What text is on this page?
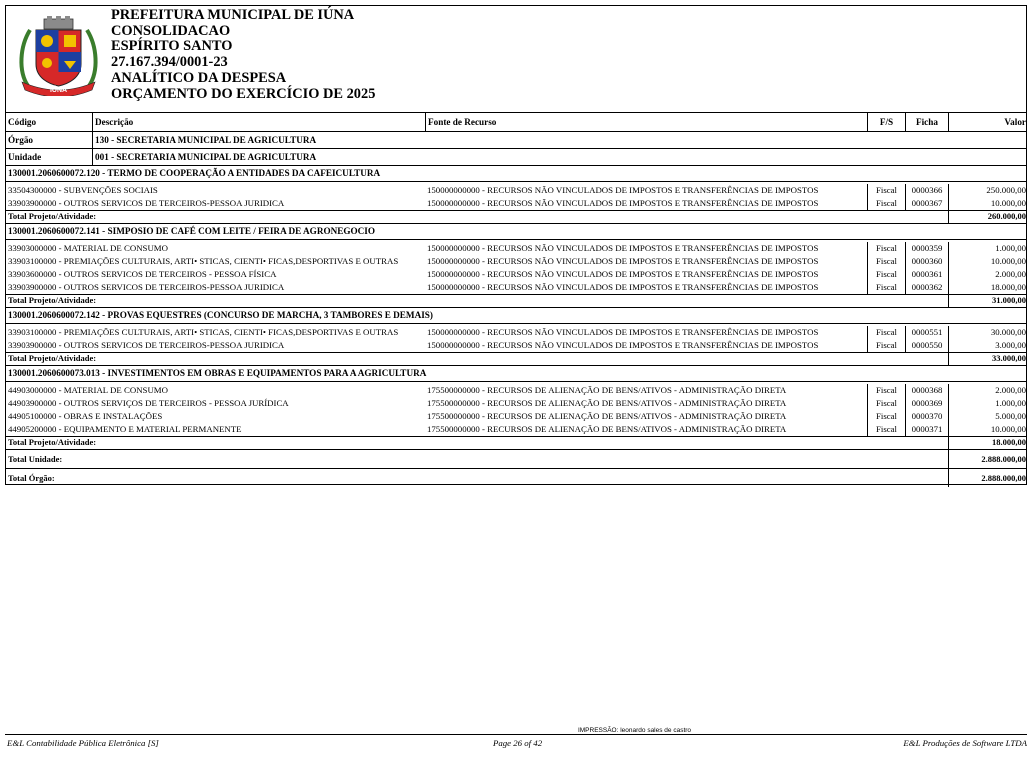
IÚNA
PREFEITURA MUNICIPAL DE IÚNA
CONSOLIDACAO
ESPÍRITO SANTO
27.167.394/0001-23
ANALÍTICO DA DESPESA
ORÇAMENTO DO EXERCÍCIO DE 2025
Código	Descrição	Fonte de Recurso	F/S	Ficha	Valor
Órgão	130 - SECRETARIA MUNICIPAL DE AGRICULTURA
Unidade	001 - SECRETARIA MUNICIPAL DE AGRICULTURA
130001.2060600072.120 - TERMO DE COOPERAÇÃO A ENTIDADES DA CAFEICULTURA
33504300000 - SUBVENÇÕES SOCIAIS	150000000000 - RECURSOS NÃO VINCULADOS DE IMPOSTOS E TRANSFERÊNCIAS DE IMPOSTOS	Fiscal	0000366	250.000,00
33903900000 - OUTROS SERVICOS DE TERCEIROS-PESSOA JURIDICA	150000000000 - RECURSOS NÃO VINCULADOS DE IMPOSTOS E TRANSFERÊNCIAS DE IMPOSTOS	Fiscal	0000367	10.000,00
Total Projeto/Atividade:	260.000,00
130001.2060600072.141 - SIMPOSIO DE CAFÉ COM LEITE / FEIRA DE AGRONEGOCIO
33903000000 - MATERIAL DE CONSUMO	150000000000 - RECURSOS NÃO VINCULADOS DE IMPOSTOS E TRANSFERÊNCIAS DE IMPOSTOS	Fiscal	0000359	1.000,00
33903100000 - PREMIAÇÕES CULTURAIS, ARTI• STICAS, CIENTI• FICAS,DESPORTIVAS E OUTRAS	150000000000 - RECURSOS NÃO VINCULADOS DE IMPOSTOS E TRANSFERÊNCIAS DE IMPOSTOS	Fiscal	0000360	10.000,00
33903600000 - OUTROS SERVICOS DE TERCEIROS - PESSOA FÍSICA	150000000000 - RECURSOS NÃO VINCULADOS DE IMPOSTOS E TRANSFERÊNCIAS DE IMPOSTOS	Fiscal	0000361	2.000,00
33903900000 - OUTROS SERVICOS DE TERCEIROS-PESSOA JURIDICA	150000000000 - RECURSOS NÃO VINCULADOS DE IMPOSTOS E TRANSFERÊNCIAS DE IMPOSTOS	Fiscal	0000362	18.000,00
Total Projeto/Atividade:	31.000,00
130001.2060600072.142 - PROVAS EQUESTRES (CONCURSO DE MARCHA, 3 TAMBORES E DEMAIS)
33903100000 - PREMIAÇÕES CULTURAIS, ARTI• STICAS, CIENTI• FICAS,DESPORTIVAS E OUTRAS	150000000000 - RECURSOS NÃO VINCULADOS DE IMPOSTOS E TRANSFERÊNCIAS DE IMPOSTOS	Fiscal	0000551	30.000,00
33903900000 - OUTROS SERVICOS DE TERCEIROS-PESSOA JURIDICA	150000000000 - RECURSOS NÃO VINCULADOS DE IMPOSTOS E TRANSFERÊNCIAS DE IMPOSTOS	Fiscal	0000550	3.000,00
Total Projeto/Atividade:	33.000,00
130001.2060600073.013 - INVESTIMENTOS EM OBRAS E EQUIPAMENTOS PARA A AGRICULTURA
44903000000 - MATERIAL DE CONSUMO	175500000000 - RECURSOS DE ALIENAÇÃO DE BENS/ATIVOS - ADMINISTRAÇÃO DIRETA	Fiscal	0000368	2.000,00
44903900000 - OUTROS SERVIÇOS DE TERCEIROS - PESSOA JURÍDICA	175500000000 - RECURSOS DE ALIENAÇÃO DE BENS/ATIVOS - ADMINISTRAÇÃO DIRETA	Fiscal	0000369	1.000,00
44905100000 - OBRAS E INSTALAÇÕES	175500000000 - RECURSOS DE ALIENAÇÃO DE BENS/ATIVOS - ADMINISTRAÇÃO DIRETA	Fiscal	0000370	5.000,00
44905200000 - EQUIPAMENTO E MATERIAL PERMANENTE	175500000000 - RECURSOS DE ALIENAÇÃO DE BENS/ATIVOS - ADMINISTRAÇÃO DIRETA	Fiscal	0000371	10.000,00
Total Projeto/Atividade:	18.000,00
Total Unidade:	2.888.000,00
Total Órgão:	2.888.000,00
IMPRESSÃO: leonardo sales de castro
E&L Contabilidade Pública Eletrônica [S]	Page 26 of 42	E&L Produções de Software LTDA
